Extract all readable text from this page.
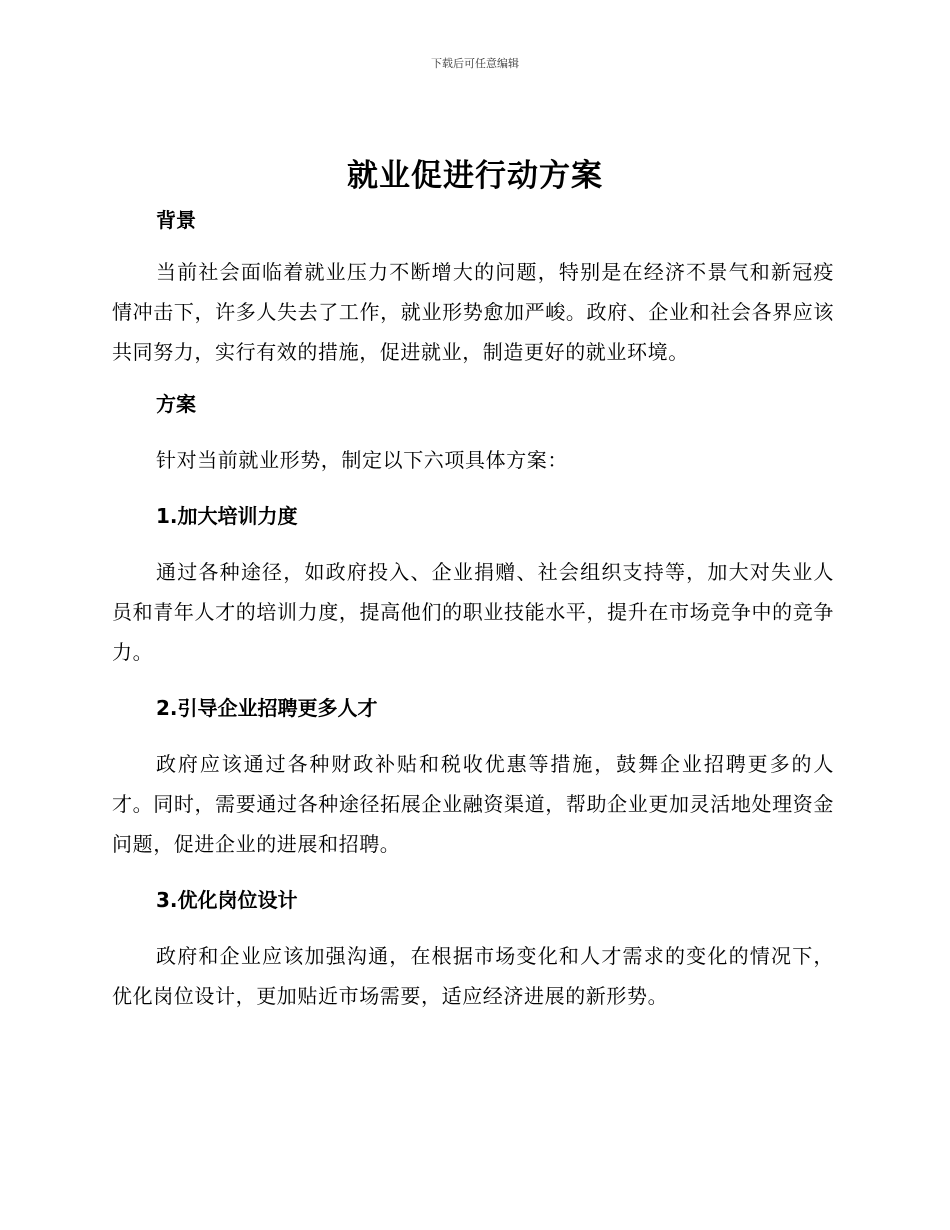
下载后可任意编辑
就业促进行动方案

背景

当前社会面临着就业压力不断增大的问题，特别是在经济不景气和新冠疫情冲击下，许多人失去了工作，就业形势愈加严峻。政府、企业和社会各界应该共同努力，实行有效的措施，促进就业，制造更好的就业环境。

方案

针对当前就业形势，制定以下六项具体方案：

1.加大培训力度

通过各种途径，如政府投入、企业捐赠、社会组织支持等，加大对失业人员和青年人才的培训力度，提高他们的职业技能水平，提升在市场竞争中的竞争力。

2.引导企业招聘更多人才

政府应该通过各种财政补贴和税收优惠等措施，鼓舞企业招聘更多的人才。同时，需要通过各种途径拓展企业融资渠道，帮助企业更加灵活地处理资金问题，促进企业的进展和招聘。

3.优化岗位设计

政府和企业应该加强沟通，在根据市场变化和人才需求的变化的情况下，优化岗位设计，更加贴近市场需要，适应经济进展的新形势。
